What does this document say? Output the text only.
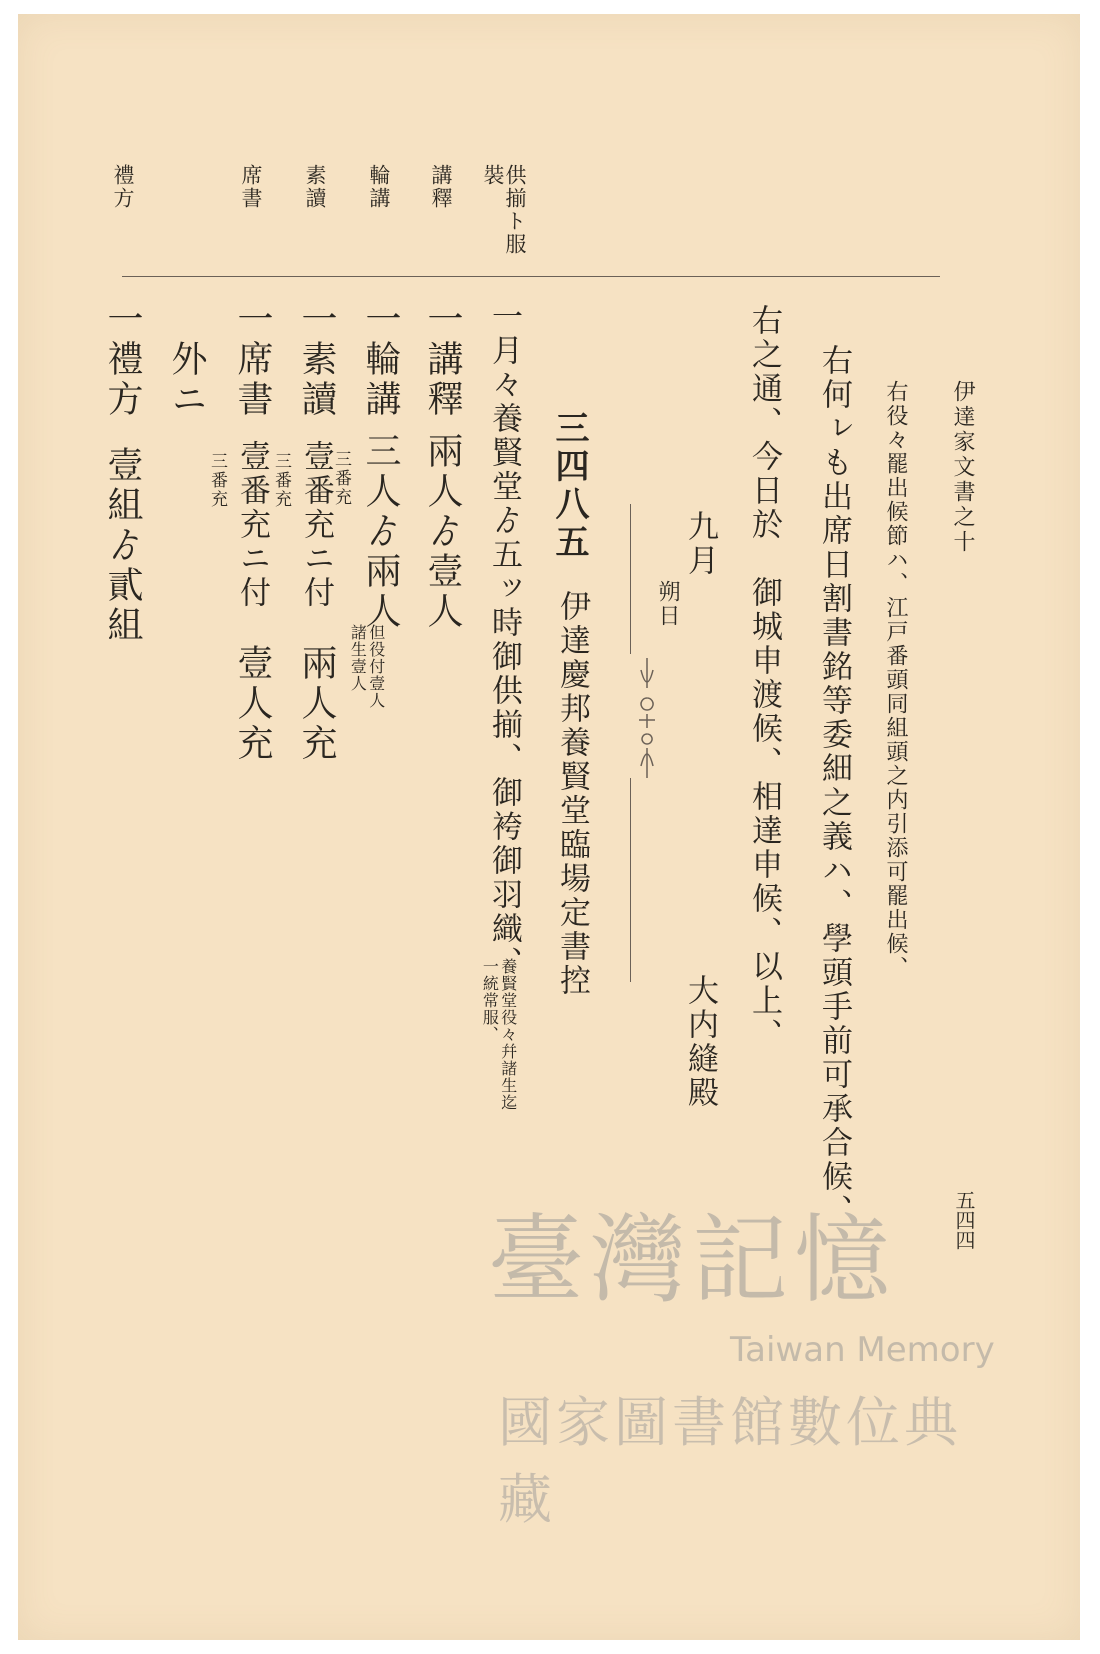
伊達家文書之十
五四四
右役々罷出候節ハ、江戸番頭同組頭之内引添可罷出候、
右何ㇾも出席日割書銘等委細之義ハ、學頭手前可承合候、
右之通、今日於　御城申渡候、相達申候、以上、
九月
朔日
大内縫殿
三四八五
伊達慶邦養賢堂臨場定書控
一月々養賢堂ゟ五ッ時御供揃、御袴御羽織、
養賢堂役々幷諸生迄
一統常服、
一講釋
兩人ゟ壹人
一輪講
三番充 三人ゟ兩人
但役付壹人
諸生壹人
一素讀
壹番充ニ付
三番充
兩人充
一席書
壹番充ニ付
三番充
壹人充
外ニ
一禮方
壹組ゟ貳組
供揃ト服
裝
講釋
輪講
素讀
席書
禮方
臺灣記憶
Taiwan Memory
國家圖書館數位典藏
